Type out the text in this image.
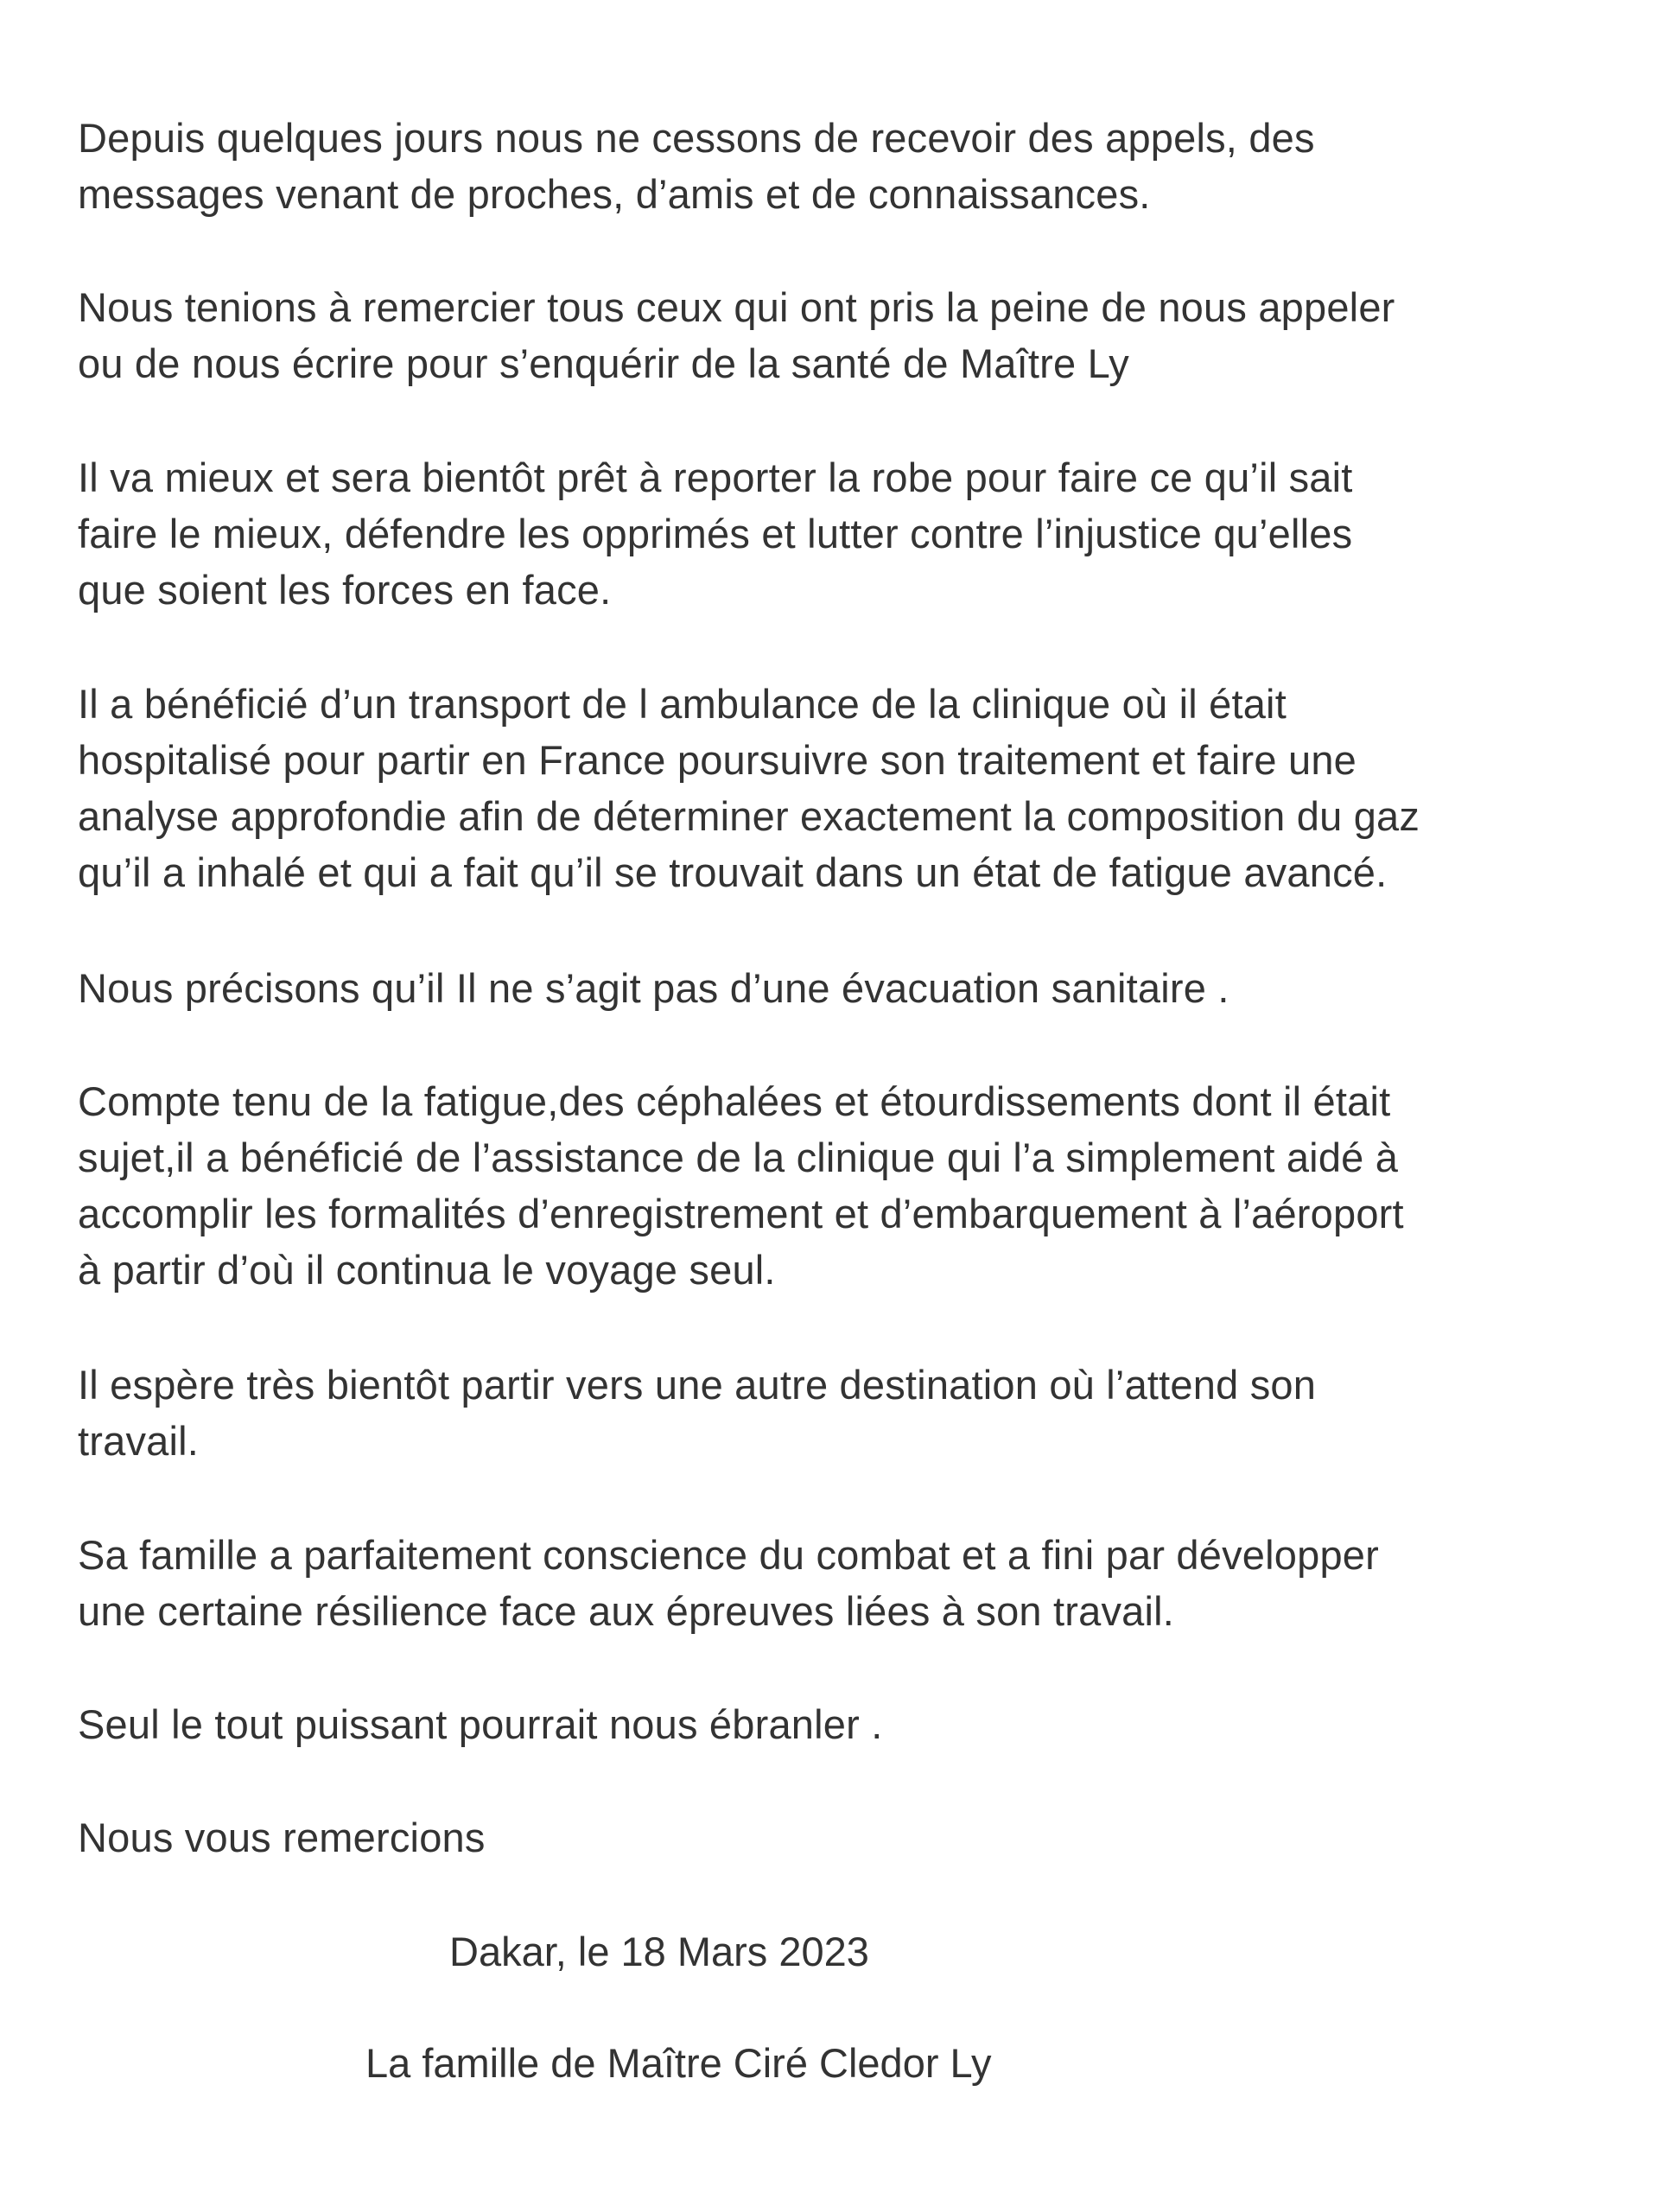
Depuis quelques jours nous ne cessons de recevoir des appels, des
messages venant de proches, d’amis et de connaissances.
Nous tenions à remercier tous ceux qui ont pris la peine de nous appeler
ou de nous écrire pour s’enquérir de la santé de Maître Ly
Il va mieux et sera bientôt prêt à reporter la robe pour faire ce qu’il sait
faire le mieux, défendre les opprimés et lutter contre l’injustice qu’elles
que soient les forces en face.
Il a bénéficié d’un transport de l ambulance de la clinique où il était
hospitalisé pour partir en France poursuivre son traitement et faire une
analyse approfondie afin de déterminer exactement la composition du gaz
qu’il a inhalé et qui a fait qu’il se trouvait dans un état de fatigue avancé.
Nous précisons qu’il Il ne s’agit pas d’une évacuation sanitaire .
Compte tenu de la fatigue,des céphalées et étourdissements dont il était
sujet,il a bénéficié de l’assistance de la clinique qui l’a simplement aidé à
accomplir les formalités d’enregistrement et d’embarquement à l’aéroport
à partir d’où il continua le voyage seul.
Il espère très bientôt partir vers une autre destination où l’attend son
travail.
Sa famille a parfaitement conscience du combat et a fini par développer
une certaine résilience face aux épreuves liées à son travail.
Seul le tout puissant pourrait nous ébranler .
Nous vous remercions
Dakar, le 18 Mars 2023
La famille de Maître Ciré Cledor Ly
